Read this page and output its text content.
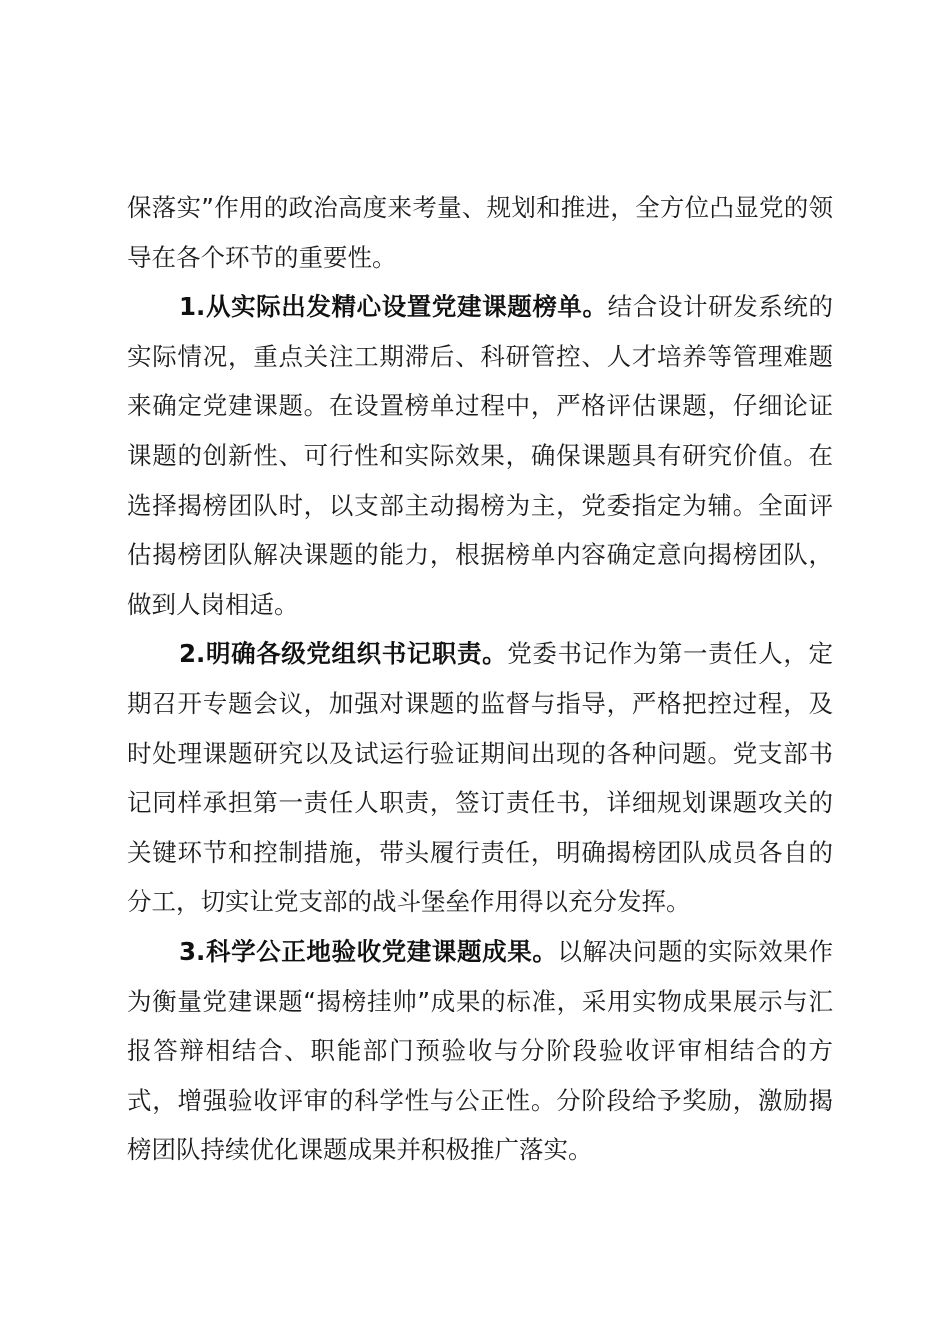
保落实”作用的政治高度来考量、规划和推进，全方位凸显党的领导在各个环节的重要性。

1.从实际出发精心设置党建课题榜单。结合设计研发系统的实际情况，重点关注工期滞后、科研管控、人才培养等管理难题来确定党建课题。在设置榜单过程中，严格评估课题，仔细论证课题的创新性、可行性和实际效果，确保课题具有研究价值。在选择揭榜团队时，以支部主动揭榜为主，党委指定为辅。全面评估揭榜团队解决课题的能力，根据榜单内容确定意向揭榜团队，做到人岗相适。

2.明确各级党组织书记职责。党委书记作为第一责任人，定期召开专题会议，加强对课题的监督与指导，严格把控过程，及时处理课题研究以及试运行验证期间出现的各种问题。党支部书记同样承担第一责任人职责，签订责任书，详细规划课题攻关的关键环节和控制措施，带头履行责任，明确揭榜团队成员各自的分工，切实让党支部的战斗堡垒作用得以充分发挥。

3.科学公正地验收党建课题成果。以解决问题的实际效果作为衡量党建课题“揭榜挂帅”成果的标准，采用实物成果展示与汇报答辩相结合、职能部门预验收与分阶段验收评审相结合的方式，增强验收评审的科学性与公正性。分阶段给予奖励，激励揭榜团队持续优化课题成果并积极推广落实。
